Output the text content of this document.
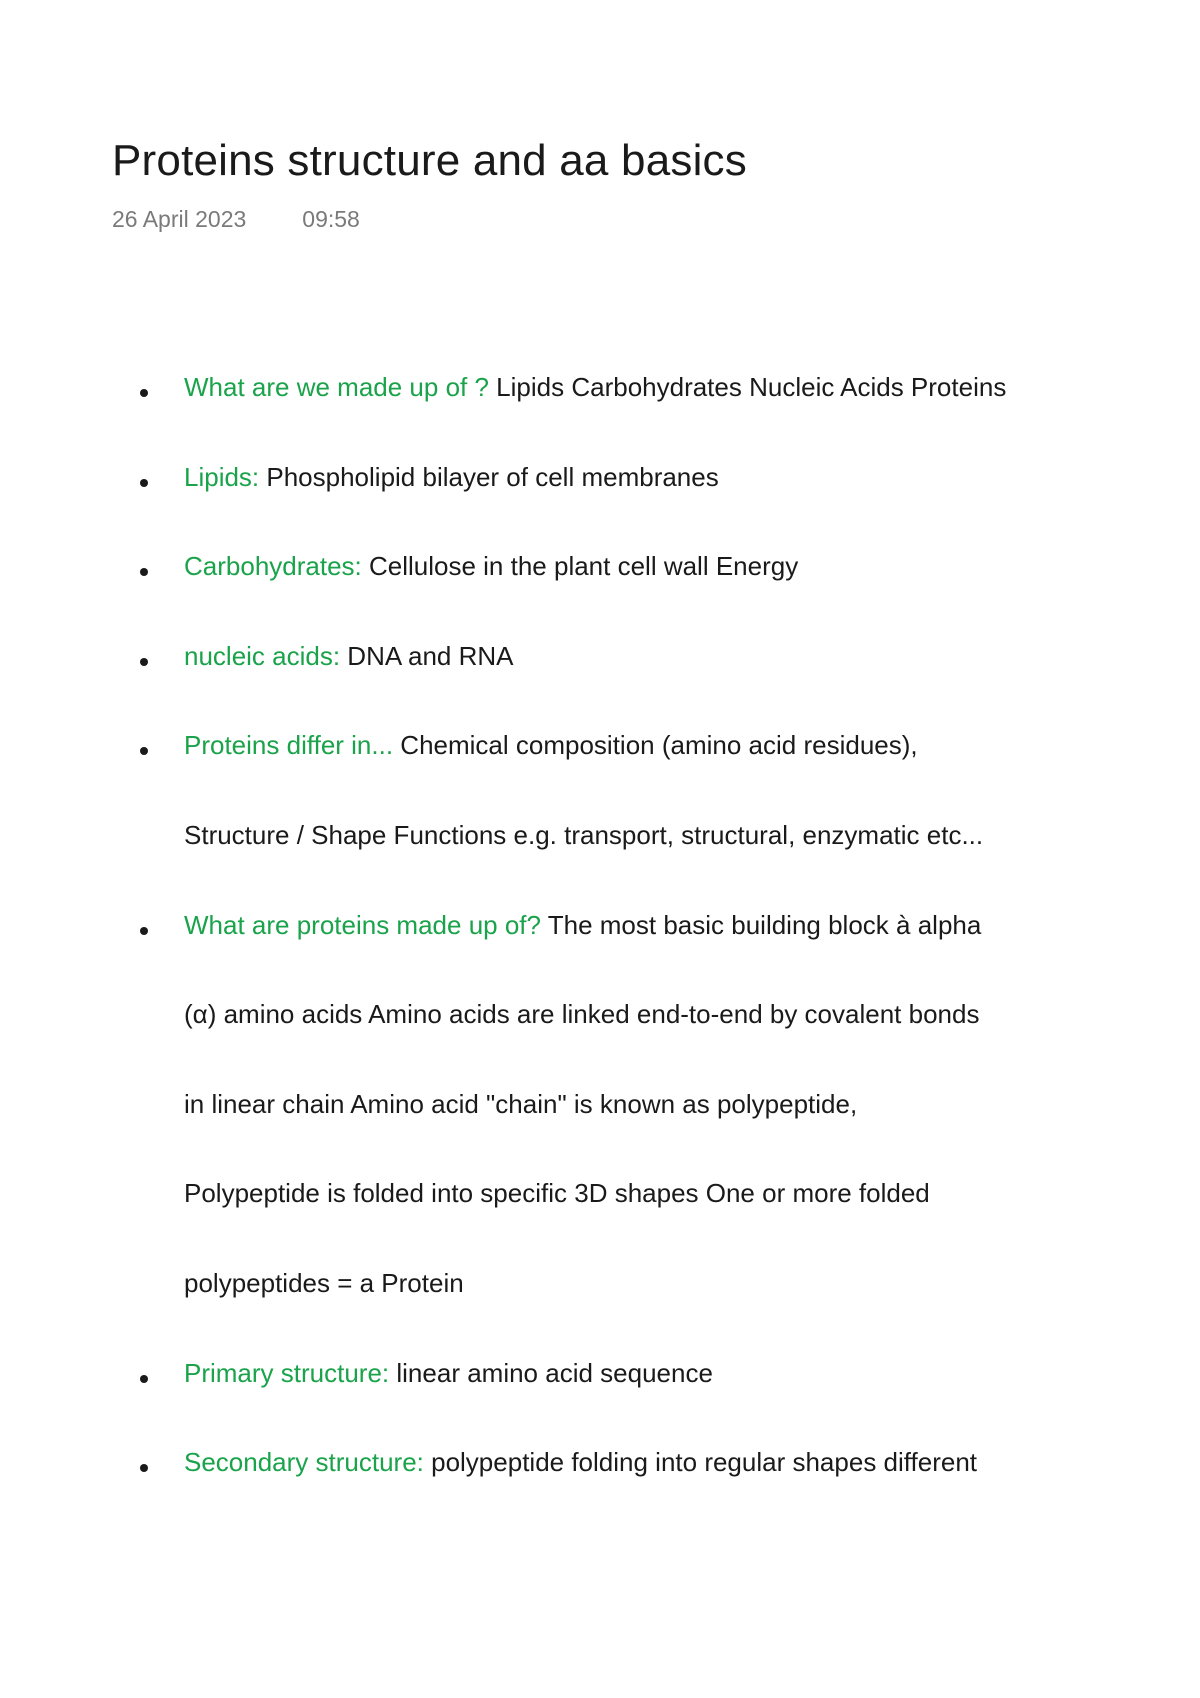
Proteins structure and aa basics
26 April 2023 09:58
What are we made up of ? Lipids Carbohydrates Nucleic Acids Proteins
Lipids: Phospholipid bilayer of cell membranes
Carbohydrates: Cellulose in the plant cell wall Energy
nucleic acids: DNA and RNA
Proteins differ in... Chemical composition (amino acid residues),
Structure / Shape Functions e.g. transport, structural, enzymatic etc...
What are proteins made up of? The most basic building block à alpha
(α) amino acids Amino acids are linked end-to-end by covalent bonds
in linear chain Amino acid "chain" is known as polypeptide,
Polypeptide is folded into specific 3D shapes One or more folded
polypeptides = a Protein
Primary structure: linear amino acid sequence
Secondary structure: polypeptide folding into regular shapes different
